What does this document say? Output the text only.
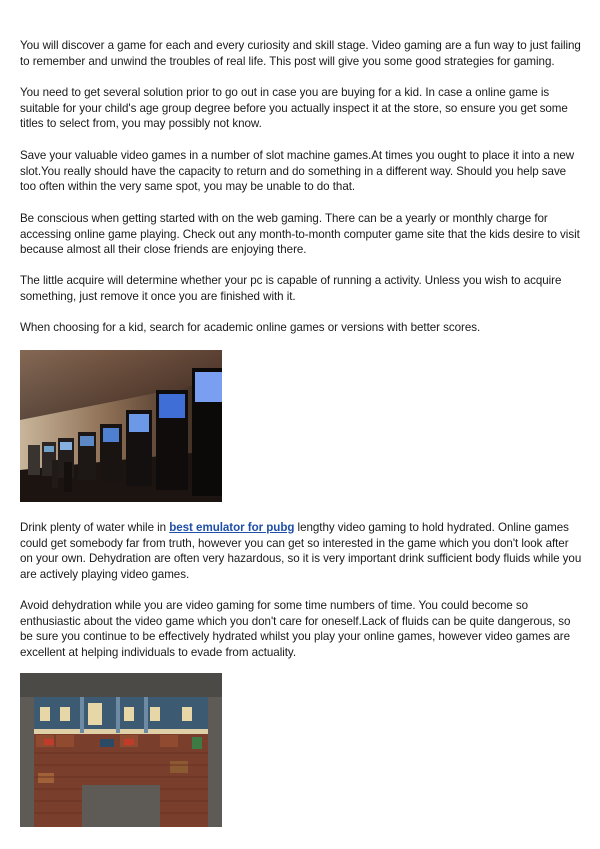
You will discover a game for each and every curiosity and skill stage. Video gaming are a fun way to just failing to remember and unwind the troubles of real life. This post will give you some good strategies for gaming.

You need to get several solution prior to go out in case you are buying for a kid. In case a online game is suitable for your child's age group degree before you actually inspect it at the store, so ensure you get some titles to select from, you may possibly not know.

Save your valuable video games in a number of slot machine games.At times you ought to place it into a new slot.You really should have the capacity to return and do something in a different way. Should you help save too often within the very same spot, you may be unable to do that.

Be conscious when getting started with on the web gaming. There can be a yearly or monthly charge for accessing online game playing. Check out any month-to-month computer game site that the kids desire to visit because almost all their close friends are enjoying there.

The little acquire will determine whether your pc is capable of running a activity. Unless you wish to acquire something, just remove it once you are finished with it.

When choosing for a kid, search for academic online games or versions with better scores.

Drink plenty of water while in best emulator for pubg lengthy video gaming to hold hydrated. Online games could get somebody far from truth, however you can get so interested in the game which you don't look after on your own. Dehydration are often very hazardous, so it is very important drink sufficient body fluids while you are actively playing video games.

Avoid dehydration while you are video gaming for some time numbers of time. You could become so enthusiastic about the video game which you don't care for oneself.Lack of fluids can be quite dangerous, so be sure you continue to be effectively hydrated whilst you play your online games, however video games are excellent at helping individuals to evade from actuality.
